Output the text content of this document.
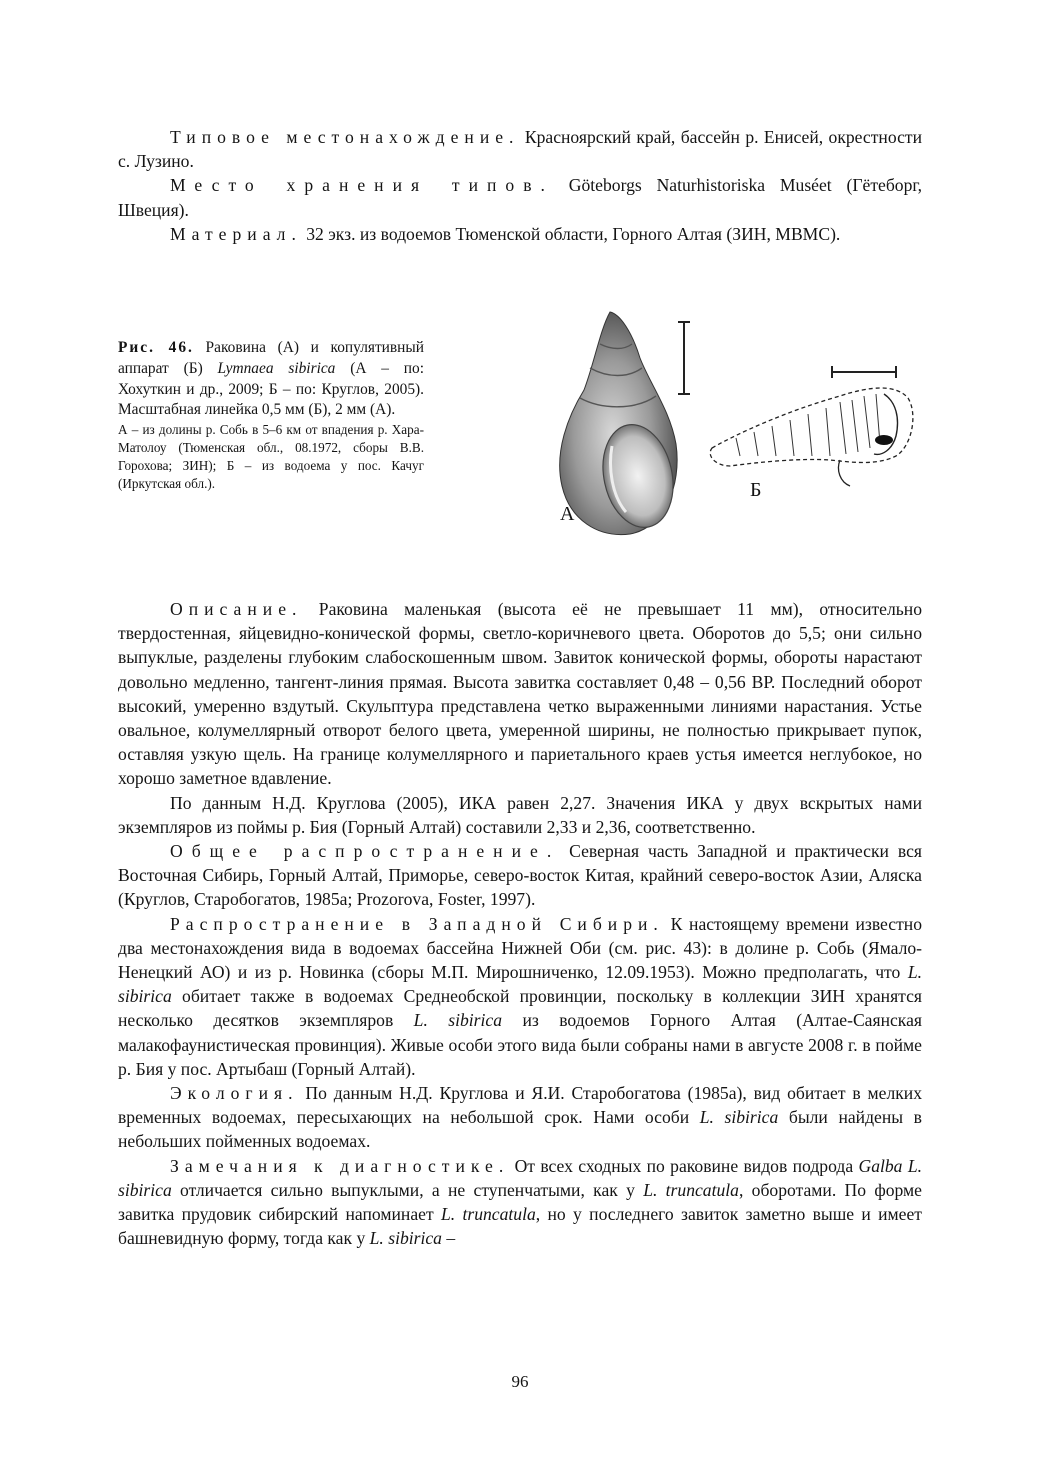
Типовое местонахождение. Красноярский край, бассейн р. Енисей, окрестности с. Лузино.

Место хранения типов. Göteborgs Naturhistoriska Muséet (Гётеборг, Швеция).

Материал. 32 экз. из водоемов Тюменской области, Горного Алтая (ЗИН, МВМС).

Рис. 46. Раковина (А) и копулятивный аппарат (Б) Lymnaea sibirica (А – по: Хохуткин и др., 2009; Б – по: Круглов, 2005). Масштабная линейка 0,5 мм (Б), 2 мм (А).

А – из долины р. Собь в 5–6 км от впадения р. Хара-Матолоу (Тюменская обл., 08.1972, сборы В.В. Горохова; ЗИН); Б – из водоема у пос. Качуг (Иркутская обл.).

А
Б

Описание. Раковина маленькая (высота её не превышает 11 мм), относительно твердостенная, яйцевидно-конической формы, светло-коричневого цвета. Оборотов до 5,5; они сильно выпуклые, разделены глубоким слабоскошенным швом. Завиток конической формы, обороты нарастают довольно медленно, тангент-линия прямая. Высота завитка составляет 0,48 – 0,56 ВР. Последний оборот высокий, умеренно вздутый. Скульптура представлена четко выраженными линиями нарастания. Устье овальное, колумеллярный отворот белого цвета, умеренной ширины, не полностью прикрывает пупок, оставляя узкую щель. На границе колумеллярного и париетального краев устья имеется неглубокое, но хорошо заметное вдавление.

По данным Н.Д. Круглова (2005), ИКА равен 2,27. Значения ИКА у двух вскрытых нами экземпляров из поймы р. Бия (Горный Алтай) составили 2,33 и 2,36, соответственно.

Общее распространение. Северная часть Западной и практически вся Восточная Сибирь, Горный Алтай, Приморье, северо-восток Китая, крайний северо-восток Азии, Аляска (Круглов, Старобогатов, 1985а; Prozorova, Foster, 1997).

Распространение в Западной Сибири. К настоящему времени известно два местонахождения вида в водоемах бассейна Нижней Оби (см. рис. 43): в долине р. Собь (Ямало-Ненецкий АО) и из р. Новинка (сборы М.П. Мирошниченко, 12.09.1953). Можно предполагать, что L. sibirica обитает также в водоемах Среднеобской провинции, поскольку в коллекции ЗИН хранятся несколько десятков экземпляров L. sibirica из водоемов Горного Алтая (Алтае-Саянская малакофаунистическая провинция). Живые особи этого вида были собраны нами в августе 2008 г. в пойме р. Бия у пос. Артыбаш (Горный Алтай).

Экология. По данным Н.Д. Круглова и Я.И. Старобогатова (1985а), вид обитает в мелких временных водоемах, пересыхающих на небольшой срок. Нами особи L. sibirica были найдены в небольших пойменных водоемах.

Замечания к диагностике. От всех сходных по раковине видов подрода Galba L. sibirica отличается сильно выпуклыми, а не ступенчатыми, как у L. truncatula, оборотами. По форме завитка прудовик сибирский напоминает L. truncatula, но у последнего завиток заметно выше и имеет башневидную форму, тогда как у L. sibirica –

96
